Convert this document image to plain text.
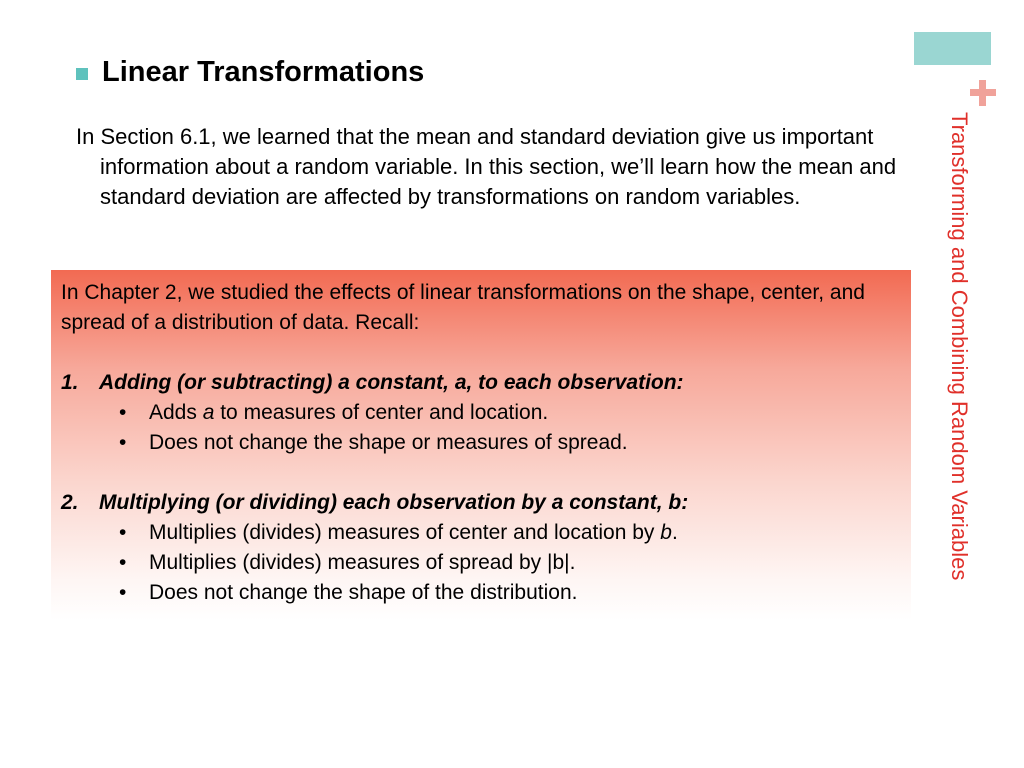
Transforming and Combining Random Variables
Linear Transformations
In Section 6.1, we learned that the mean and standard deviation give us important information about a random variable. In this section, we’ll learn how the mean and standard deviation are affected by transformations on random variables.

In Chapter 2, we studied the effects of linear transformations on the shape, center, and spread of a distribution of data. Recall:

1. Adding (or subtracting) a constant, a, to each observation:
• Adds a to measures of center and location.
• Does not change the shape or measures of spread.
2. Multiplying (or dividing) each observation by a constant, b:
• Multiplies (divides) measures of center and location by b.
• Multiplies (divides) measures of spread by |b|.
• Does not change the shape of the distribution.
